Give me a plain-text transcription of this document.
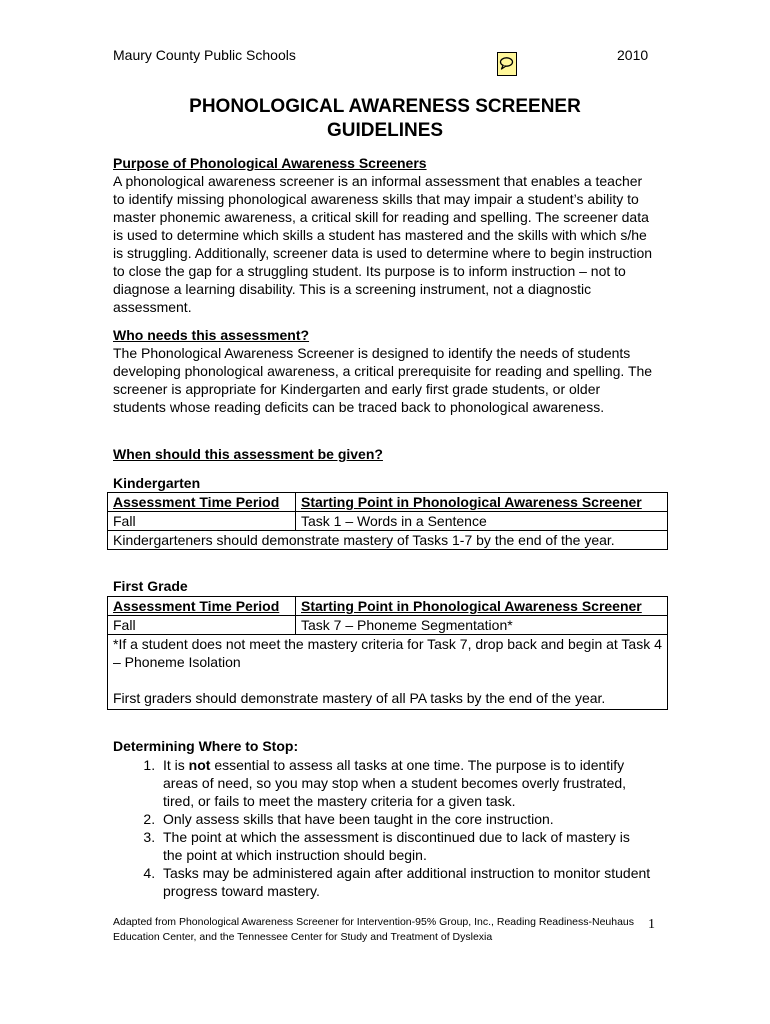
Maury County Public Schools	2010
PHONOLOGICAL AWARENESS SCREENER
GUIDELINES
Purpose of Phonological Awareness Screeners
A phonological awareness screener is an informal assessment that enables a teacher to identify missing phonological awareness skills that may impair a student’s ability to master phonemic awareness, a critical skill for reading and spelling. The screener data is used to determine which skills a student has mastered and the skills with which s/he is struggling. Additionally, screener data is used to determine where to begin instruction to close the gap for a struggling student. Its purpose is to inform instruction – not to diagnose a learning disability. This is a screening instrument, not a diagnostic assessment.
Who needs this assessment?
The Phonological Awareness Screener is designed to identify the needs of students developing phonological awareness, a critical prerequisite for reading and spelling. The screener is appropriate for Kindergarten and early first grade students, or older students whose reading deficits can be traced back to phonological awareness.
When should this assessment be given?
Kindergarten
Assessment Time Period	Starting Point in Phonological Awareness Screener
Fall	Task 1 – Words in a Sentence
Kindergarteners should demonstrate mastery of Tasks 1-7 by the end of the year.	
First Grade
Assessment Time Period	Starting Point in Phonological Awareness Screener
Fall	Task 7 – Phoneme Segmentation*

*If a student does not meet the mastery criteria for Task 7, drop back and begin at Task 4 – Phoneme Isolation
First graders should demonstrate mastery of all PA tasks by the end of the year.	
Determining Where to Stop:
1. It is not essential to assess all tasks at one time. The purpose is to identify areas of need, so you may stop when a student becomes overly frustrated, tired, or fails to meet the mastery criteria for a given task.
2. Only assess skills that have been taught in the core instruction.
3. The point at which the assessment is discontinued due to lack of mastery is the point at which instruction should begin.
4. Tasks may be administered again after additional instruction to monitor student progress toward mastery.
Adapted from Phonological Awareness Screener for Intervention-95% Group, Inc., Reading Readiness-Neuhaus Education Center, and the Tennessee Center for Study and Treatment of Dyslexia
1
